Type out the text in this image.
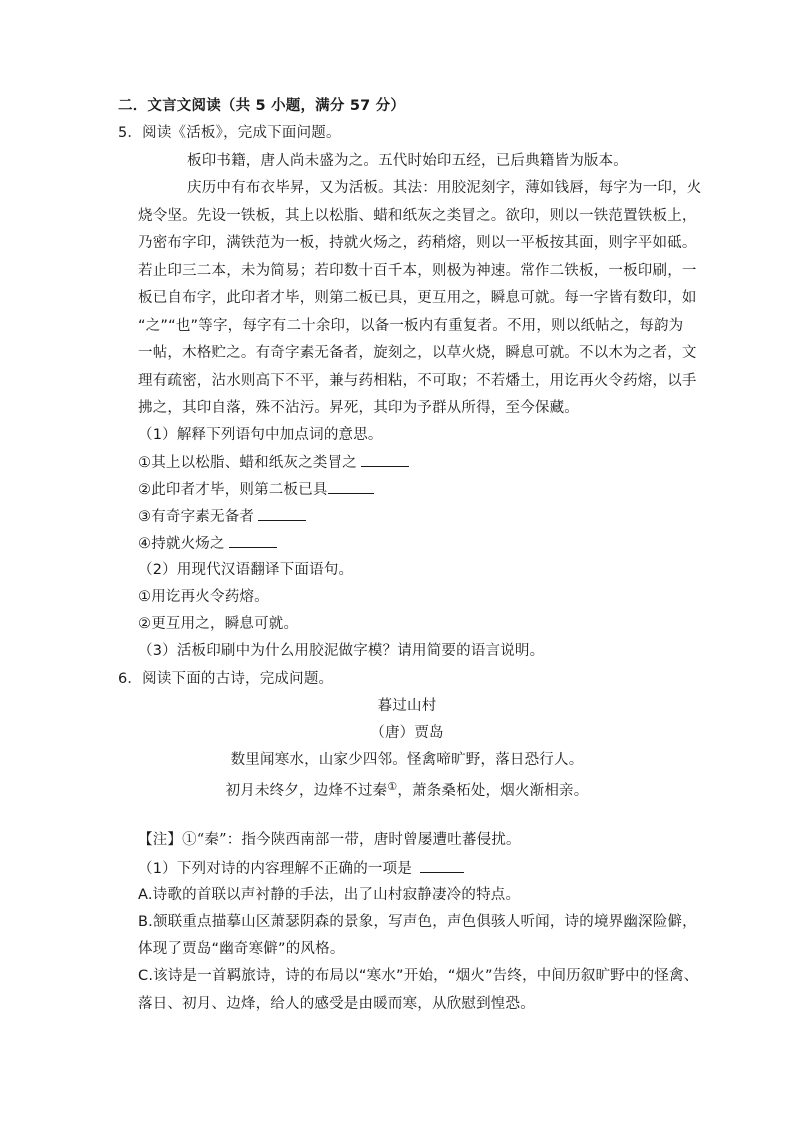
二．文言文阅读（共 5 小题，满分 57 分）
5．阅读《活板》，完成下面问题。
板印书籍，唐人尚未盛为之。五代时始印五经，已后典籍皆为版本。
庆历中有布衣毕昇，又为活板。其法：用胶泥刻字，薄如钱唇，每字为一印，火
烧令坚。先设一铁板，其上以松脂、蜡和纸灰之类冒之。欲印，则以一铁范置铁板上，
乃密布字印，满铁范为一板，持就火炀之，药稍熔，则以一平板按其面，则字平如砥。
若止印三二本，未为简易；若印数十百千本，则极为神速。常作二铁板，一板印刷，一
板已自布字，此印者才毕，则第二板已具，更互用之，瞬息可就。每一字皆有数印，如
“之”“也”等字，每字有二十余印，以备一板内有重复者。不用，则以纸帖之，每韵为
一帖，木格贮之。有奇字素无备者，旋刻之，以草火烧，瞬息可就。不以木为之者，文
理有疏密，沾水则高下不平，兼与药相粘，不可取；不若燔土，用讫再火令药熔，以手
拂之，其印自落，殊不沾污。昇死，其印为予群从所得，至今保藏。
（1）解释下列语句中加点词的意思。
①其上以松脂、蜡和纸灰之类冒之
②此印者才毕，则第二板已具
③有奇字素无备者
④持就火炀之
（2）用现代汉语翻译下面语句。
①用讫再火令药熔。
②更互用之，瞬息可就。
（3）活板印刷中为什么用胶泥做字模？请用简要的语言说明。
6．阅读下面的古诗，完成问题。
暮过山村
（唐）贾岛
数里闻寒水，山家少四邻。怪禽啼旷野，落日恐行人。
初月未终夕，边烽不过秦①，萧条桑柘处，烟火渐相亲。
【注】①“秦”：指今陕西南部一带，唐时曾屡遭吐蕃侵扰。
（1）下列对诗的内容理解不正确的一项是
A.诗歌的首联以声衬静的手法，出了山村寂静凄冷的特点。
B.颔联重点描摹山区萧瑟阴森的景象，写声色，声色俱骇人听闻，诗的境界幽深险僻，
体现了贾岛“幽奇寒僻”的风格。
C.该诗是一首羁旅诗，诗的布局以“寒水”开始，“烟火”告终，中间历叙旷野中的怪禽、
落日、初月、边烽，给人的感受是由暖而寒，从欣慰到惶恐。
